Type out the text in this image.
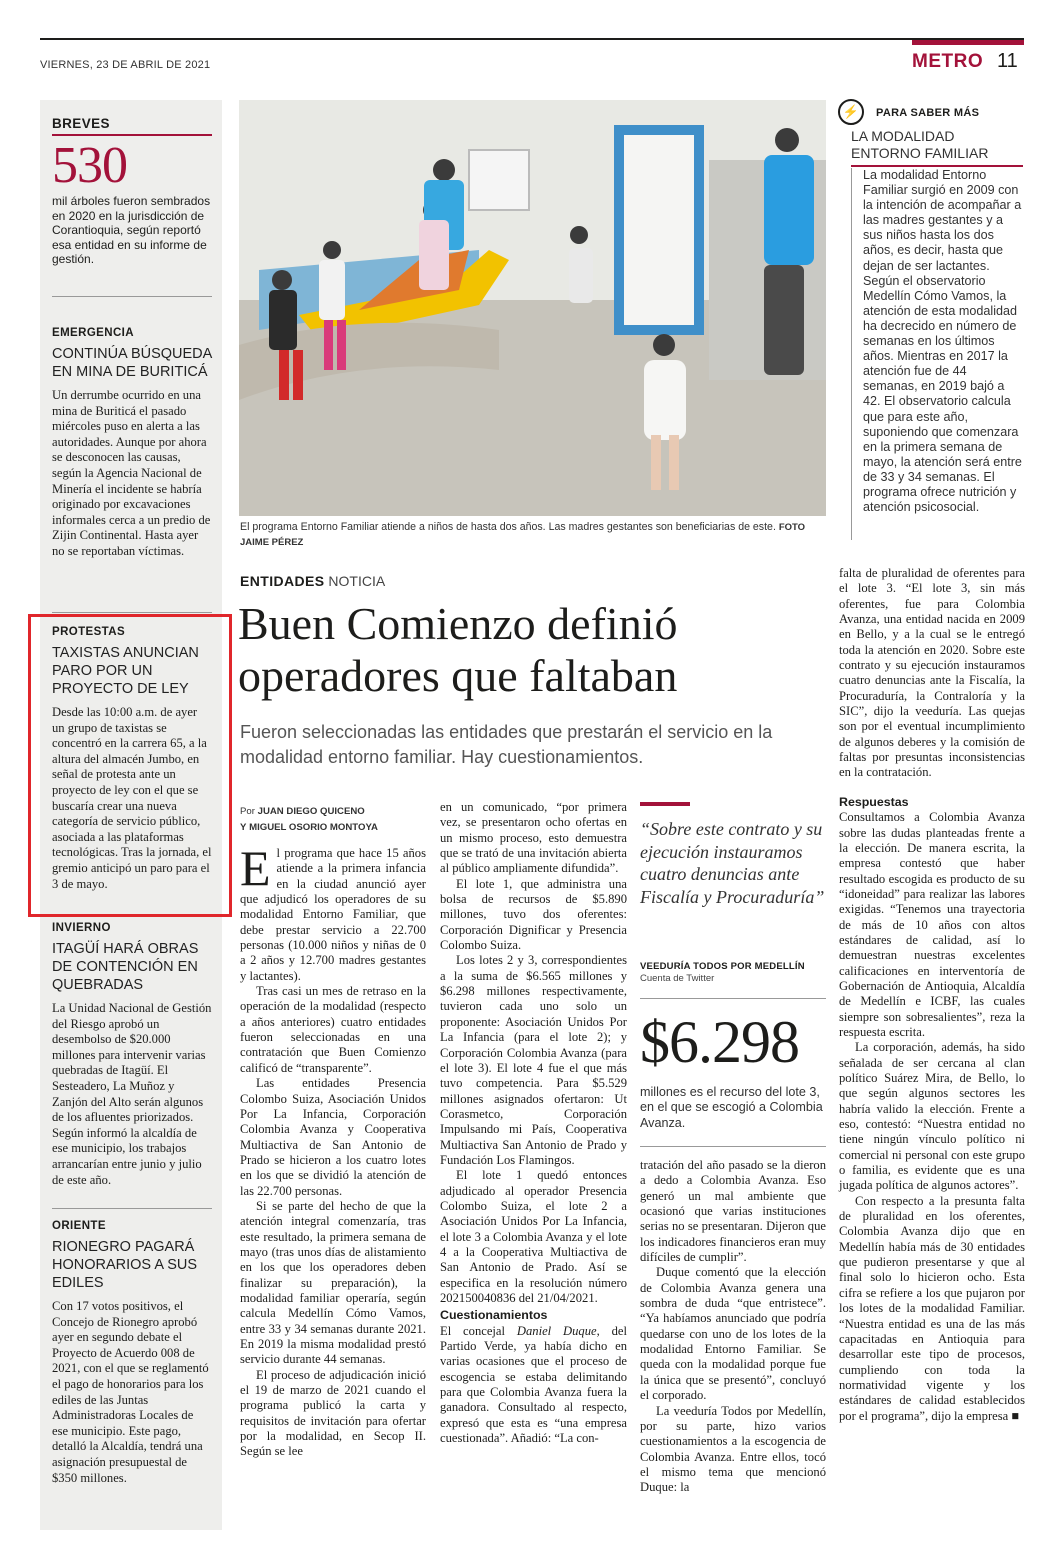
VIERNES, 23 DE ABRIL DE 2021	METRO 11
BREVES
530
mil árboles fueron sembrados en 2020 en la jurisdicción de Corantioquia, según reportó esa entidad en su informe de gestión.
EMERGENCIA
CONTINÚA BÚSQUEDA EN MINA DE BURITICÁ
Un derrumbe ocurrido en una mina de Buriticá el pasado miércoles puso en alerta a las autoridades. Aunque por ahora se desconocen las causas, según la Agencia Nacional de Minería el incidente se habría originado por excavaciones informales cerca a un predio de Zijin Continental. Hasta ayer no se reportaban víctimas.
PROTESTAS
TAXISTAS ANUNCIAN PARO POR UN PROYECTO DE LEY
Desde las 10:00 a.m. de ayer un grupo de taxistas se concentró en la carrera 65, a la altura del almacén Jumbo, en señal de protesta ante un proyecto de ley con el que se buscaría crear una nueva categoría de servicio público, asociada a las plataformas tecnológicas. Tras la jornada, el gremio anticipó un paro para el 3 de mayo.
INVIERNO
ITAGÜÍ HARÁ OBRAS DE CONTENCIÓN EN QUEBRADAS
La Unidad Nacional de Gestión del Riesgo aprobó un desembolso de $20.000 millones para intervenir varias quebradas de Itagüí. El Sesteadero, La Muñoz y Zanjón del Alto serán algunos de los afluentes priorizados. Según informó la alcaldía de ese municipio, los trabajos arrancarían entre junio y julio de este año.
ORIENTE
RIONEGRO PAGARÁ HONORARIOS A SUS EDILES
Con 17 votos positivos, el Concejo de Rionegro aprobó ayer en segundo debate el Proyecto de Acuerdo 008 de 2021, con el que se reglamentó el pago de honorarios para los ediles de las Juntas Administradoras Locales de ese municipio. Este pago, detalló la Alcaldía, tendrá una asignación presupuestal de $350 millones.
El programa Entorno Familiar atiende a niños de hasta dos años. Las madres gestantes son beneficiarias de este. FOTO JAIME PÉREZ
⚡	PARA SABER MÁS
LA MODALIDAD ENTORNO FAMILIAR
La modalidad Entorno Familiar surgió en 2009 con la intención de acompañar a las madres gestantes y a sus niños hasta los dos años, es decir, hasta que dejan de ser lactantes. Según el observatorio Medellín Cómo Vamos, la atención de esta modalidad ha decrecido en número de semanas en los últimos años. Mientras en 2017 la atención fue de 44 semanas, en 2019 bajó a 42. El observatorio calcula que para este año, suponiendo que comenzara en la primera semana de mayo, la atención será entre de 33 y 34 semanas. El programa ofrece nutrición y atención psicosocial.
ENTIDADES NOTICIA
Buen Comienzo definió operadores que faltaban
Fueron seleccionadas las entidades que prestarán el servicio en la modalidad entorno familiar. Hay cuestionamientos.
Por JUAN DIEGO QUICENO
Y MIGUEL OSORIO MONTOYA

El programa que hace 15 años atiende a la primera infancia en la ciudad anunció ayer que adjudicó los operadores de su modalidad Entorno Familiar, que debe prestar servicio a 22.700 personas (10.000 niños y niñas de 0 a 2 años y 12.700 madres gestantes y lactantes).

Tras casi un mes de retraso en la operación de la modalidad (respecto a años anteriores) cuatro entidades fueron seleccionadas en una contratación que Buen Comienzo calificó de “transparente”.

Las entidades Presencia Colombo Suiza, Asociación Unidos Por La Infancia, Corporación Colombia Avanza y Cooperativa Multiactiva de San Antonio de Prado se hicieron a los cuatro lotes en los que se dividió la atención de las 22.700 personas.

Si se parte del hecho de que la atención integral comenzaría, tras este resultado, la primera semana de mayo (tras unos días de alistamiento en los que los operadores deben finalizar su preparación), la modalidad familiar operaría, según calcula Medellín Cómo Vamos, entre 33 y 34 semanas durante 2021. En 2019 la misma modalidad prestó servicio durante 44 semanas.

El proceso de adjudicación inició el 19 de marzo de 2021 cuando el programa publicó la carta y requisitos de invitación para ofertar por la modalidad, en Secop II. Según se lee

en un comunicado, “por primera vez, se presentaron ocho ofertas en un mismo proceso, esto demuestra que se trató de una invitación abierta al público ampliamente difundida”.

El lote 1, que administra una bolsa de recursos de $5.890 millones, tuvo dos oferentes: Corporación Dignificar y Presencia Colombo Suiza.

Los lotes 2 y 3, correspondientes a la suma de $6.565 millones y $6.298 millones respectivamente, tuvieron cada uno solo un proponente: Asociación Unidos Por La Infancia (para el lote 2); y Corporación Colombia Avanza (para el lote 3). El lote 4 fue el que más tuvo competencia. Para $5.529 millones asignados ofertaron: Ut Corasmetco, Corporación Impulsando mi País, Cooperativa Multiactiva San Antonio de Prado y Fundación Los Flamingos.

El lote 1 quedó entonces adjudicado al operador Presencia Colombo Suiza, el lote 2 a Asociación Unidos Por La Infancia, el lote 3 a Colombia Avanza y el lote 4 a la Cooperativa Multiactiva de San Antonio de Prado. Así se especifica en la resolución número 202150040836 del 21/04/2021.

Cuestionamientos

El concejal Daniel Duque, del Partido Verde, ya había dicho en varias ocasiones que el proceso de escogencia se estaba delimitando para que Colombia Avanza fuera la ganadora. Consultado al respecto, expresó que esta es “una empresa cuestionada”. Añadió: “La con-

“Sobre este contrato y su ejecución instauramos cuatro denuncias ante Fiscalía y Procuraduría”
VEEDURÍA TODOS POR MEDELLÍN
Cuenta de Twitter
$6.298
millones es el recurso del lote 3, en el que se escogió a Colombia Avanza.

tratación del año pasado se la dieron a dedo a Colombia Avanza. Eso generó un mal ambiente que ocasionó que varias instituciones serias no se presentaran. Dijeron que los indicadores financieros eran muy difíciles de cumplir”.

Duque comentó que la elección de Colombia Avanza genera una sombra de duda “que entristece”. “Ya habíamos anunciado que podría quedarse con uno de los lotes de la modalidad Entorno Familiar. Se queda con la modalidad porque fue la única que se presentó”, concluyó el corporado.

La veeduría Todos por Medellín, por su parte, hizo varios cuestionamientos a la escogencia de Colombia Avanza. Entre ellos, tocó el mismo tema que mencionó Duque: la

falta de pluralidad de oferentes para el lote 3. “El lote 3, sin más oferentes, fue para Colombia Avanza, una entidad nacida en 2009 en Bello, y a la cual se le entregó toda la atención en 2020. Sobre este contrato y su ejecución instauramos cuatro denuncias ante la Fiscalía, la Procuraduría, la Contraloría y la SIC”, dijo la veeduría. Las quejas son por el eventual incumplimiento de algunos deberes y la comisión de faltas por presuntas inconsistencias en la contratación.

Respuestas

Consultamos a Colombia Avanza sobre las dudas planteadas frente a la elección. De manera escrita, la empresa contestó que haber resultado escogida es producto de su “idoneidad” para realizar las labores exigidas. “Tenemos una trayectoria de más de 10 años con altos estándares de calidad, así lo demuestran nuestras excelentes calificaciones en interventoría de Gobernación de Antioquia, Alcaldía de Medellín e ICBF, las cuales siempre son sobresalientes”, reza la respuesta escrita.

La corporación, además, ha sido señalada de ser cercana al clan político Suárez Mira, de Bello, lo que según algunos sectores les habría valido la elección. Frente a eso, contestó: “Nuestra entidad no tiene ningún vínculo político ni comercial ni personal con este grupo o familia, es evidente que es una jugada política de algunos actores”.

Con respecto a la presunta falta de pluralidad en los oferentes, Colombia Avanza dijo que en Medellín había más de 30 entidades que pudieron presentarse y que al final solo lo hicieron ocho. Esta cifra se refiere a los que pujaron por los lotes de la modalidad Familiar. “Nuestra entidad es una de las más capacitadas en Antioquia para desarrollar este tipo de procesos, cumpliendo con toda la normatividad vigente y los estándares de calidad establecidos por el programa”, dijo la empresa ■
